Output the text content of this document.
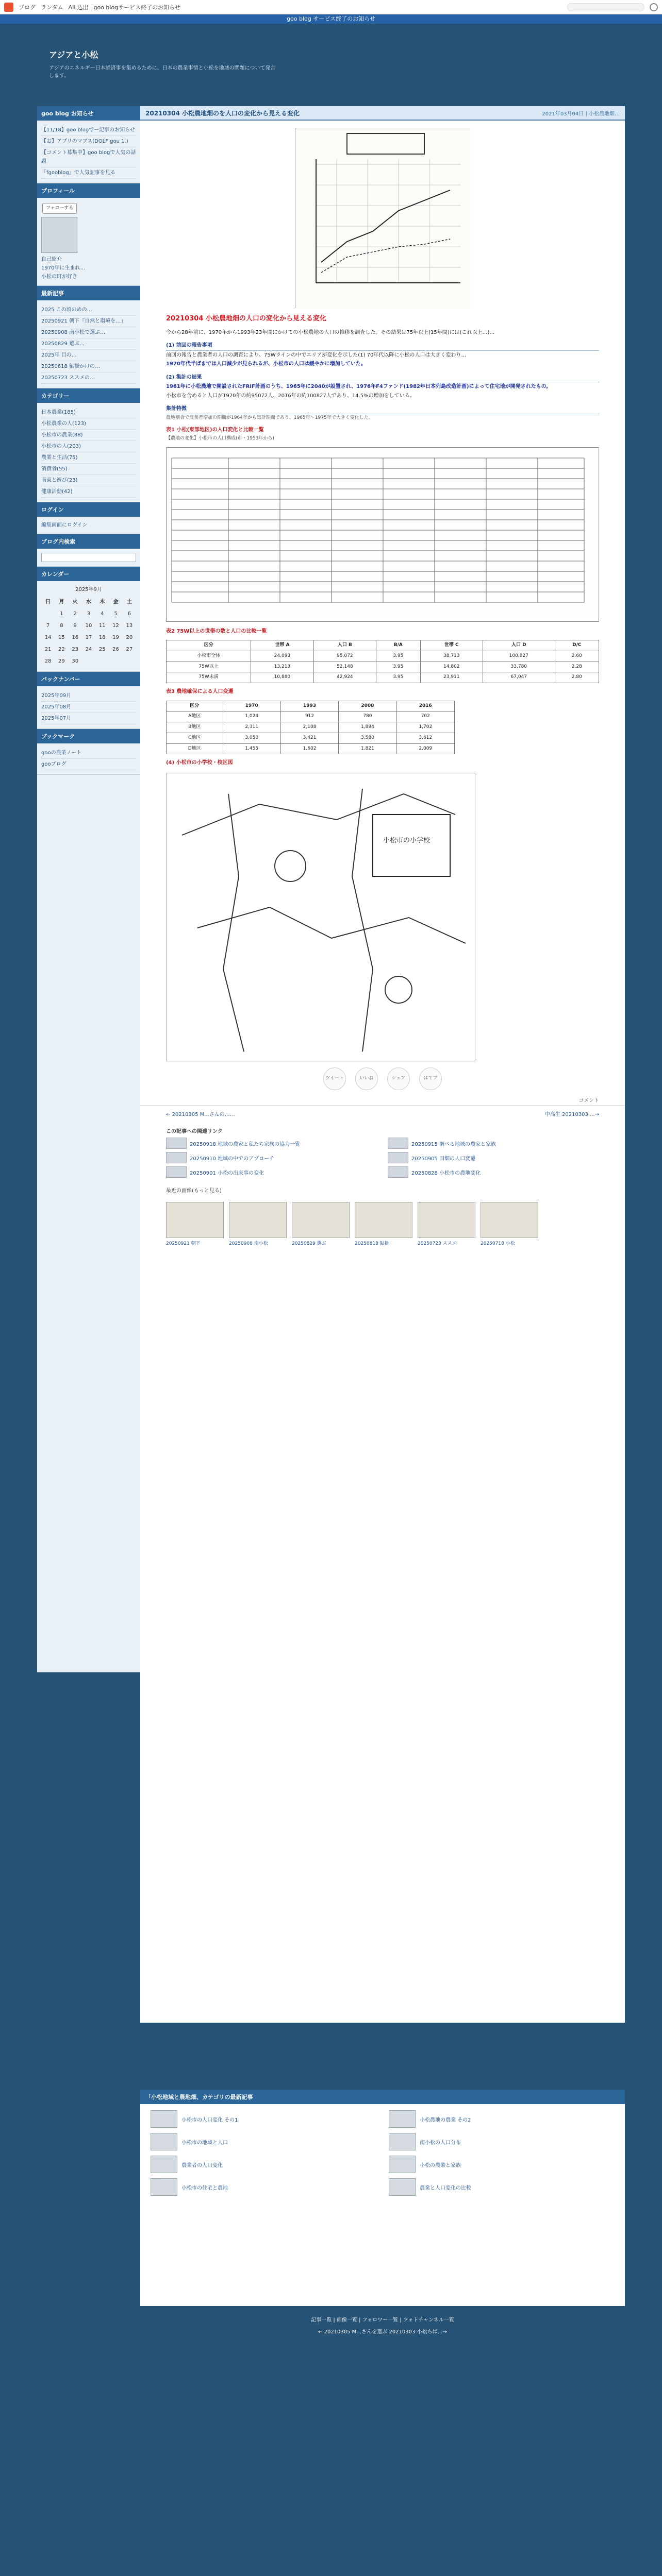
ブログ ランダム AIL込出 goo blogサービス終了のお知らせ
goo blog サービス終了のお知らせ
アジアと小松
アジアのエネルギー日本経済事を集めるために、日本の農業事情と小松を地域の問題について発言します。
goo blog お知らせ
【11/18】goo blogでー記事のお知らせ
【お】アプリのマブス(DOLF gou 1.)
【コメント募集中】goo blogで人気の話題
「fgooblog」で人気記事を見る
プロフィール
フォローする
自己紹介
1970年に生まれ…
小松の町が好き
最新記事
2025 この頃のめの…
20250921 朝下『自然と環境を…」
20250908 南小松で選ぶ…
20250829 選ぶ…
2025年 目の…
20250618 鮎掛かけの…
20250723 ススメの…
カテゴリー
日本農業(185)
小松農業の人(123)
小松市の農業(88)
小松市の人(203)
農業と生活(75)
消費者(55)
南東と遊び(23)
健康活動(42)
ログイン
編集画面にログイン
ブログ内検索
カレンダー
2025年9月
日	月	火	水	木	金	土
	1	2	3	4	5	6
7	8	9	10	11	12	13
14	15	16	17	18	19	20
21	22	23	24	25	26	27
28	29	30				
バックナンバー
2025年09月
2025年08月
2025年07月
ブックマーク
gooの農業ノート
gooブログ
20210304 小松農地畑のを人口の変化から見える変化	2021年03月04日 | 小松農地畑…
20210304 小松農地畑の人口の変化から見える変化

今から28年前に、1970年から1993年23年間にかけての小松農地の人口の推移を調査した。その結果は75年以上(15年間)には(これ以上…)…

(1) 前回の報告事項

前回の報告と農業者の人口の調査により、75Wラインの中でエリアが変化を示した(1) 70年代以降に小松の人口は大きく変わり…

1970年代半ばまでは人口減少が見られるが、小松市の人口は緩やかに増加していた。

(2) 集計の結果

1961年に小松農地で開設されたFRIF計画のうち、1965年に2040が設置され、1976年F4ファンド(1982年日本列島改造計画)によって住宅地が開発されたもの。

小松市を含めると人口が1970年の約95072人、2016年の約100827人であり、14.5%の増加をしている。

集計特徴

農地割合で農業者増加の期間が1964年から集計期間であり、1965年〜1975年で大きく変化した。

表1 小松(東部地区)の人口変化と比較一覧
【農地の変化】小松市の人口構成(市・1953年から)
表2 75W以上の世帯の数と人口の比較一覧
区分	世帯 A	人口 B	B/A	世帯 C	人口 D	D/C
小松市全体	24,093	95,072	3.95	38,713	100,827	2.60
75W以上	13,213	52,148	3.95	14,802	33,780	2.28
75W未満	10,880	42,924	3.95	23,911	67,047	2.80
表3 農地確保による人口変遷
区分	1970	1993	2008	2016
A地区	1,024	912	780	702
B地区	2,311	2,108	1,894	1,702
C地区	3,050	3,421	3,580	3,612
D地区	1,455	1,602	1,821	2,009
(4) 小松市の小学校・校区図
小松市の小学校
ツイート	いいね	シェア	はてブ
コメント
← 20210305 M...さんの……	中高生 20210303 ...→
この記事への関連リンク
20250918 地域の農家と私たち家族の協力一覧	20250915 調べる地域の農家と家族
20250910 地域の中でのアプローチ	20250905 田畑の人口変遷
20250901 小松の出来事の変化	20250828 小松市の農地変化
最近の画像(もっと見る)
20250921 朝下	20250908 南小松	20250829 選ぶ	20250818 鮎掛	20250723 ススメ	20250718 小松
「小松地域と農地畑、カテゴリの最新記事
小松市の人口変化 その1	小松農地の農業 その2
小松市の地域と人口	南小松の人口分布
農業者の人口変化	小松の農業と家族
小松市の住宅と農地	農業と人口変化の比較
記事一覧 | 画像一覧 | フォロワー一覧 | フォトチャンネル一覧
← 20210305 M…さんを選ぶ 20210303 小松ちば…→
